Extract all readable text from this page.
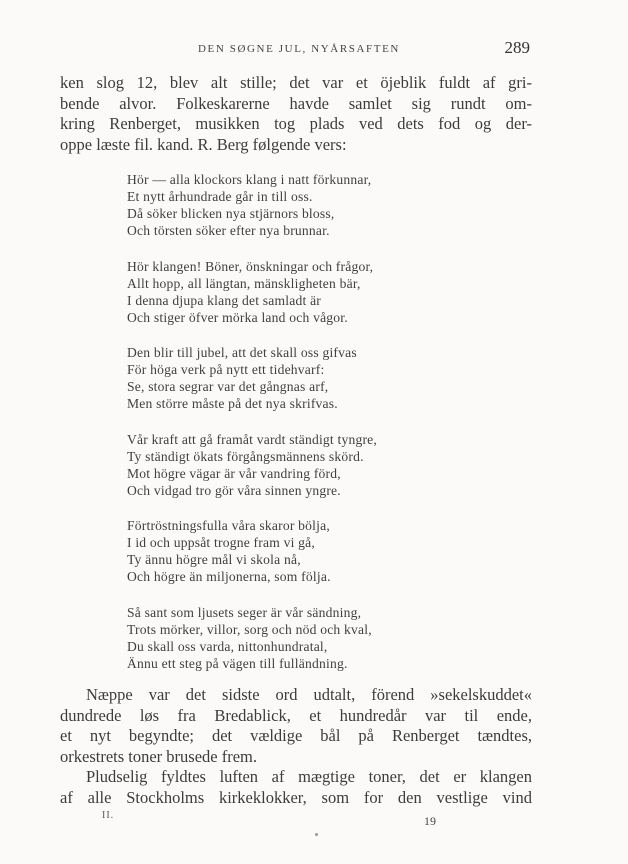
DEN SØGNE JUL, NYÅRSAFTEN	289
ken slog 12, blev alt stille; det var et öjeblik fuldt af gri-
bende alvor. Folkeskarerne havde samlet sig rundt om-
kring Renberget, musikken tog plads ved dets fod og der-
oppe læste fil. kand. R. Berg følgende vers:
Hör — alla klockors klang i natt förkunnar,
Et nytt århundrade går in till oss.
Då söker blicken nya stjärnors bloss,
Och törsten söker efter nya brunnar.
Hör klangen! Böner, önskningar och frågor,
Allt hopp, all längtan, mänskligheten bär,
I denna djupa klang det samladt är
Och stiger öfver mörka land och vågor.
Den blir till jubel, att det skall oss gifvas
För höga verk på nytt ett tidehvarf:
Se, stora segrar var det gångnas arf,
Men större måste på det nya skrifvas.
Vår kraft att gå framåt vardt ständigt tyngre,
Ty ständigt ökats förgångsmännens skörd.
Mot högre vägar är vår vandring förd,
Och vidgad tro gör våra sinnen yngre.
Förtröstningsfulla våra skaror bölja,
I id och uppsåt trogne fram vi gå,
Ty ännu högre mål vi skola nå,
Och högre än miljonerna, som följa.
Så sant som ljusets seger är vår sändning,
Trots mörker, villor, sorg och nöd och kval,
Du skall oss varda, nittonhundratal,
Ännu ett steg på vägen till fulländning.
Næppe var det sidste ord udtalt, förend »sekelskuddet«
dundrede løs fra Bredablick, et hundredår var til ende,
et nyt begyndte; det vældige bål på Renberget tændtes,
orkestrets toner brusede frem.
Pludselig fyldtes luften af mægtige toner, det er klangen
af alle Stockholms kirkeklokker, som for den vestlige vind
II.	19
